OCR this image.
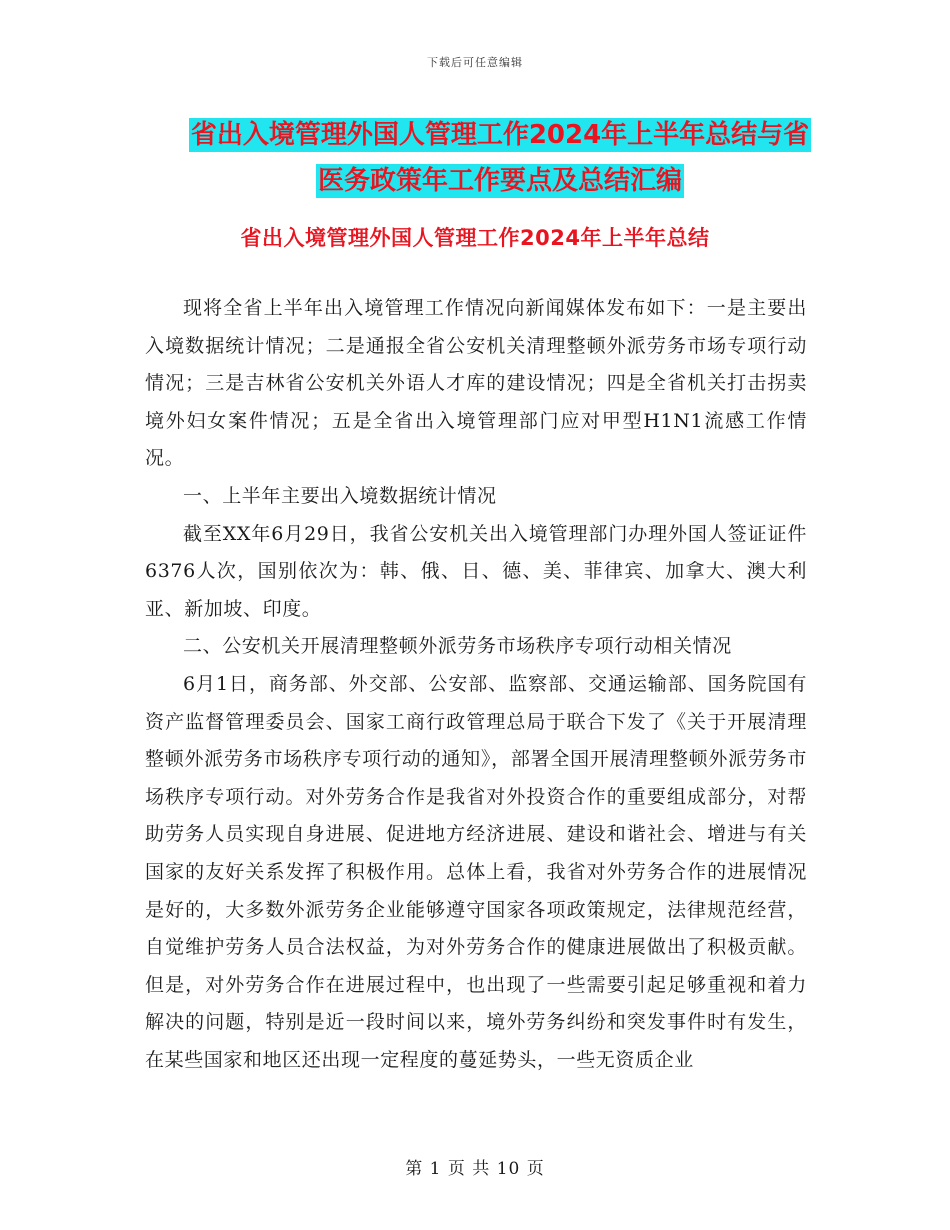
下载后可任意编辑
省出入境管理外国人管理工作2024年上半年总结与省
医务政策年工作要点及总结汇编
省出入境管理外国人管理工作2024年上半年总结

现将全省上半年出入境管理工作情况向新闻媒体发布如下：一是主要出入境数据统计情况；二是通报全省公安机关清理整顿外派劳务市场专项行动情况；三是吉林省公安机关外语人才库的建设情况；四是全省机关打击拐卖境外妇女案件情况；五是全省出入境管理部门应对甲型H1N1流感工作情况。

一、上半年主要出入境数据统计情况

截至XX年6月29日，我省公安机关出入境管理部门办理外国人签证证件6376人次，国别依次为：韩、俄、日、德、美、菲律宾、加拿大、澳大利亚、新加坡、印度。

二、公安机关开展清理整顿外派劳务市场秩序专项行动相关情况

6月1日，商务部、外交部、公安部、监察部、交通运输部、国务院国有资产监督管理委员会、国家工商行政管理总局于联合下发了《关于开展清理整顿外派劳务市场秩序专项行动的通知》，部署全国开展清理整顿外派劳务市场秩序专项行动。对外劳务合作是我省对外投资合作的重要组成部分，对帮助劳务人员实现自身进展、促进地方经济进展、建设和谐社会、增进与有关国家的友好关系发挥了积极作用。总体上看，我省对外劳务合作的进展情况是好的，大多数外派劳务企业能够遵守国家各项政策规定，法律规范经营，自觉维护劳务人员合法权益，为对外劳务合作的健康进展做出了积极贡献。但是，对外劳务合作在进展过程中，也出现了一些需要引起足够重视和着力解决的问题，特别是近一段时间以来，境外劳务纠纷和突发事件时有发生，在某些国家和地区还出现一定程度的蔓延势头，一些无资质企业

第 1 页 共 10 页
